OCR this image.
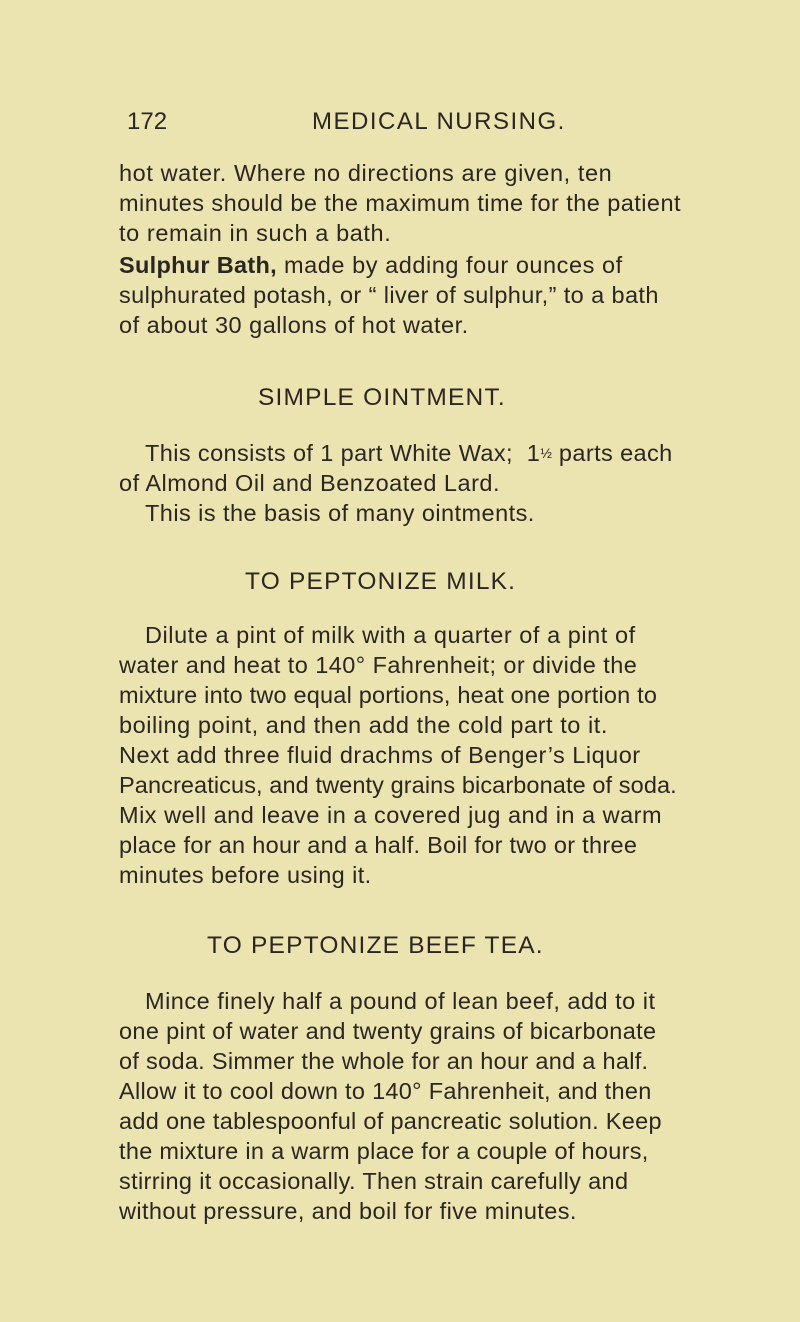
172	MEDICAL NURSING.
hot water. Where no directions are given, ten
minutes should be the maximum time for the patient
to remain in such a bath.
Sulphur Bath, made by adding four ounces of
sulphurated potash, or “ liver of sulphur,” to a bath
of about 30 gallons of hot water.
SIMPLE OINTMENT.
This consists of 1 part White Wax;  1½ parts each
of Almond Oil and Benzoated Lard.
This is the basis of many ointments.
TO PEPTONIZE MILK.
Dilute a pint of milk with a quarter of a pint of
water and heat to 140° Fahrenheit; or divide the
mixture into two equal portions, heat one portion to
boiling point, and then add the cold part to it.
Next add three fluid drachms of Benger’s Liquor
Pancreaticus, and twenty grains bicarbonate of soda.
Mix well and leave in a covered jug and in a warm
place for an hour and a half. Boil for two or three
minutes before using it.
TO PEPTONIZE BEEF TEA.
Mince finely half a pound of lean beef, add to it
one pint of water and twenty grains of bicarbonate
of soda. Simmer the whole for an hour and a half.
Allow it to cool down to 140° Fahrenheit, and then
add one tablespoonful of pancreatic solution. Keep
the mixture in a warm place for a couple of hours,
stirring it occasionally. Then strain carefully and
without pressure, and boil for five minutes.
